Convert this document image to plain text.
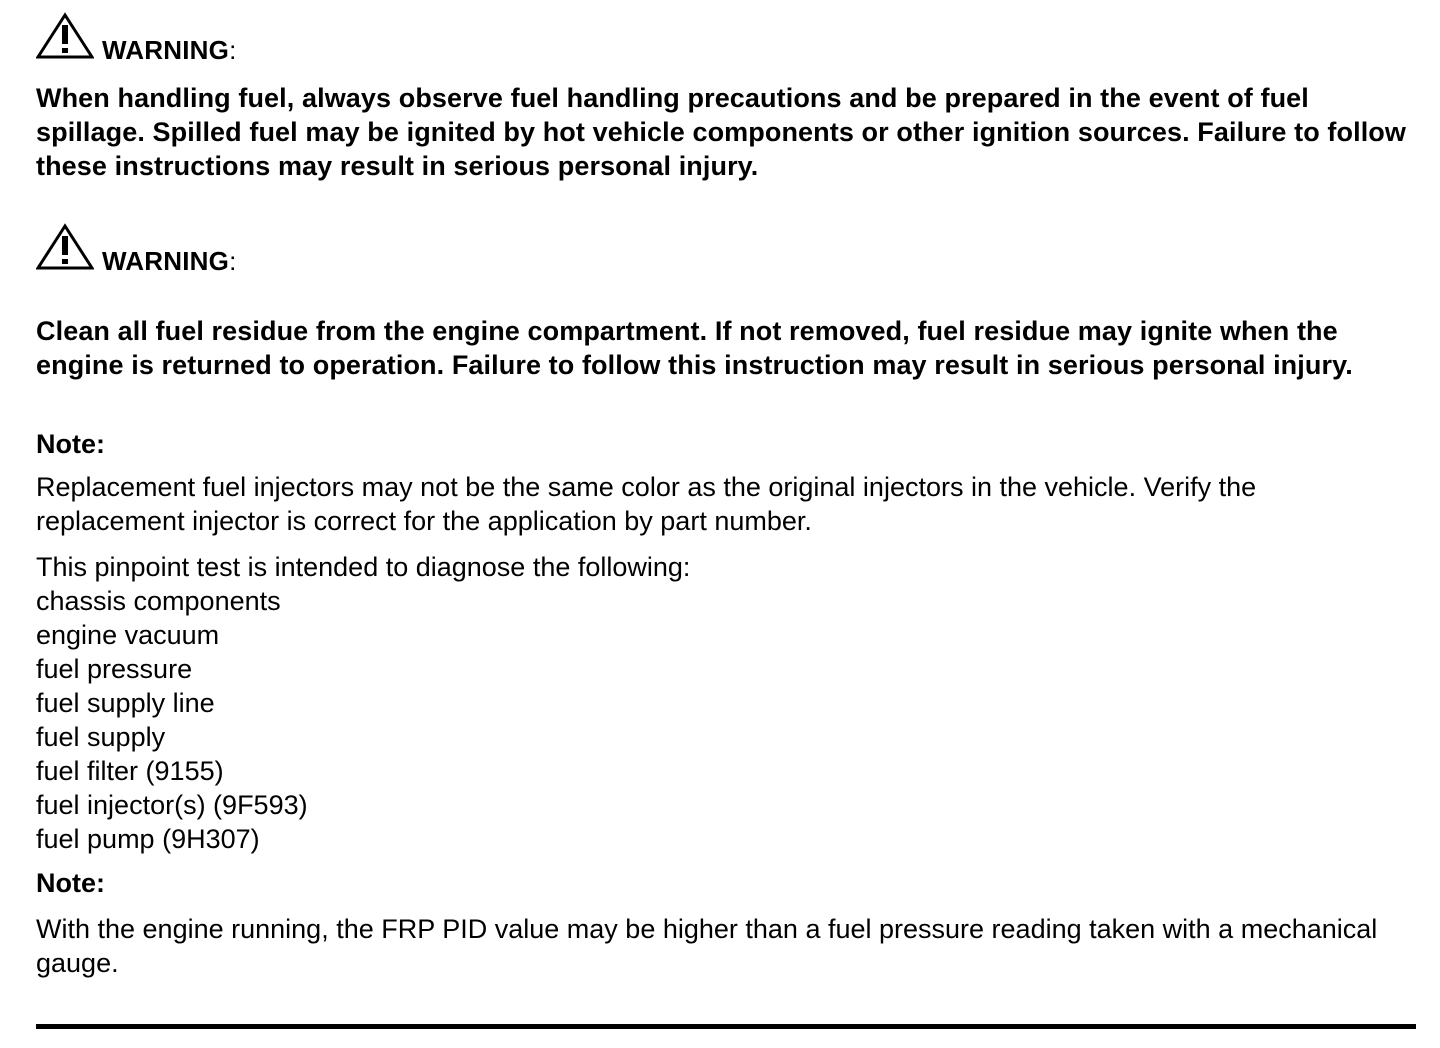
WARNING:

When handling fuel, always observe fuel handling precautions and be prepared in the event of fuel spillage. Spilled fuel may be ignited by hot vehicle components or other ignition sources. Failure to follow these instructions may result in serious personal injury.

WARNING:

Clean all fuel residue from the engine compartment. If not removed, fuel residue may ignite when the engine is returned to operation. Failure to follow this instruction may result in serious personal injury.

Note:

Replacement fuel injectors may not be the same color as the original injectors in the vehicle. Verify the replacement injector is correct for the application by part number.

This pinpoint test is intended to diagnose the following:

chassis components
engine vacuum
fuel pressure
fuel supply line
fuel supply
fuel filter (9155)
fuel injector(s) (9F593)
fuel pump (9H307)

Note:

With the engine running, the FRP PID value may be higher than a fuel pressure reading taken with a mechanical gauge.
